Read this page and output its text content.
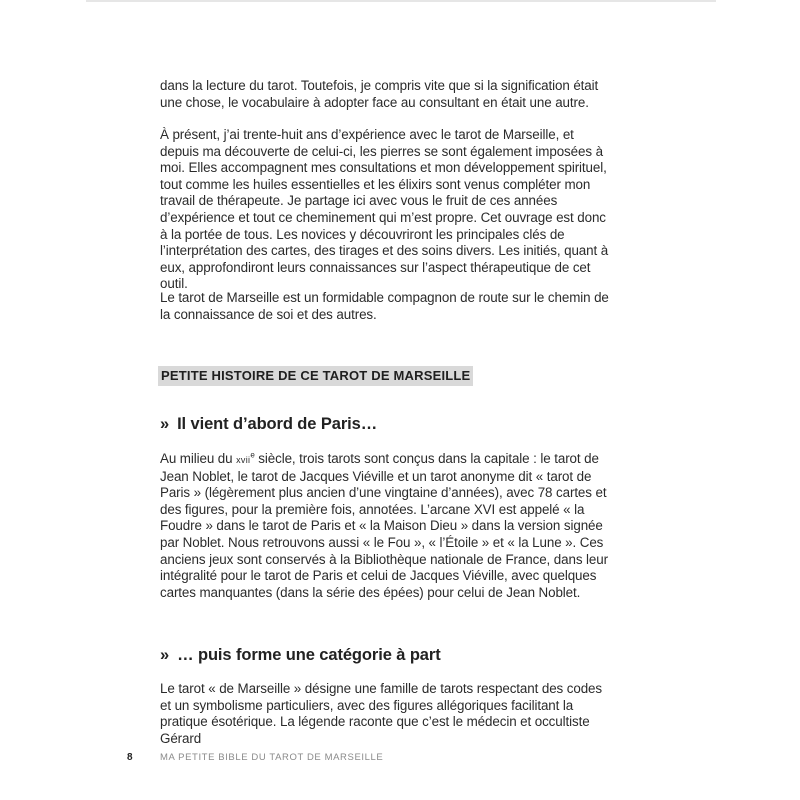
dans la lecture du tarot. Toutefois, je compris vite que si la signification était une chose, le vocabulaire à adopter face au consultant en était une autre.

À présent, j’ai trente-huit ans d’expérience avec le tarot de Marseille, et depuis ma découverte de celui-ci, les pierres se sont également imposées à moi. Elles accompagnent mes consultations et mon développement spirituel, tout comme les huiles essentielles et les élixirs sont venus compléter mon travail de thérapeute. Je partage ici avec vous le fruit de ces années d’expérience et tout ce cheminement qui m’est propre. Cet ouvrage est donc à la portée de tous. Les novices y découvriront les principales clés de l’interprétation des cartes, des tirages et des soins divers. Les initiés, quant à eux, approfondiront leurs connaissances sur l’aspect thérapeutique de cet outil.

Le tarot de Marseille est un formidable compagnon de route sur le chemin de la connaissance de soi et des autres.

PETITE HISTOIRE DE CE TAROT DE MARSEILLE
» Il vient d’abord de Paris…

Au milieu du xvii$^e$ siècle, trois tarots sont conçus dans la capitale : le tarot de Jean Noblet, le tarot de Jacques Viéville et un tarot anonyme dit « tarot de Paris » (légèrement plus ancien d’une vingtaine d’années), avec 78 cartes et des figures, pour la première fois, annotées. L’arcane XVI est appelé « la Foudre » dans le tarot de Paris et « la Maison Dieu » dans la version signée par Noblet. Nous retrouvons aussi « le Fou », « l’Étoile » et « la Lune ». Ces anciens jeux sont conservés à la Bibliothèque nationale de France, dans leur intégralité pour le tarot de Paris et celui de Jacques Viéville, avec quelques cartes manquantes (dans la série des épées) pour celui de Jean Noblet.

» … puis forme une catégorie à part

Le tarot « de Marseille » désigne une famille de tarots respectant des codes et un symbolisme particuliers, avec des figures allégoriques facilitant la pratique ésotérique. La légende raconte que c’est le médecin et occultiste Gérard

8	MA PETITE BIBLE DU TAROT DE MARSEILLE
